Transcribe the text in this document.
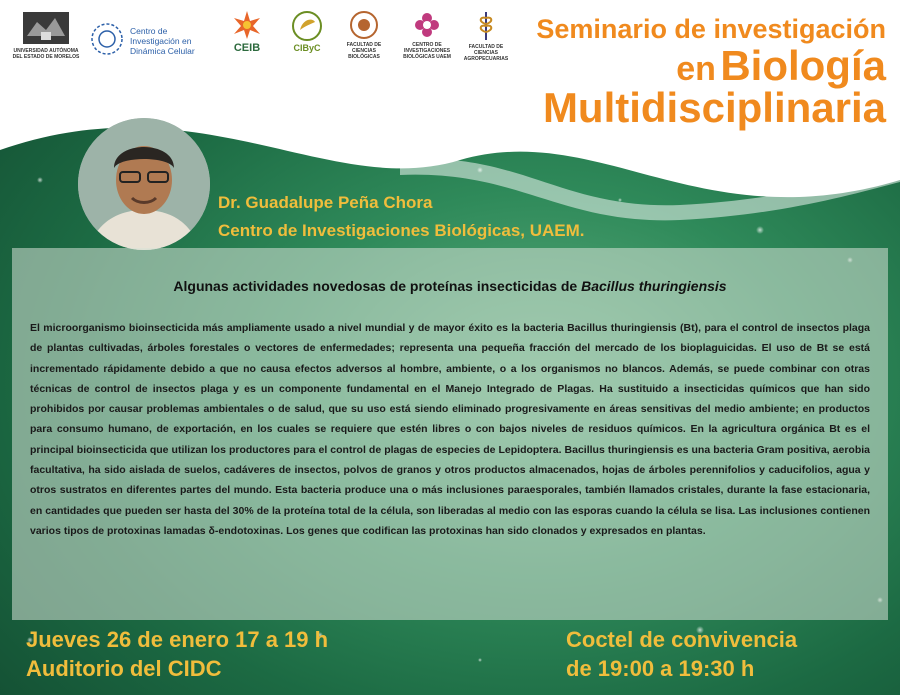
UNIVERSIDAD AUTÓNOMA DEL ESTADO DE MORELOS
Centro de Investigación en Dinámica Celular	CEIB	CIByC	FACULTAD DE CIENCIAS BIOLÓGICAS
CENTRO DE INVESTIGACIONES BIOLÓGICAS UAEM
FACULTAD DE CIENCIAS AGROPECUARIAS
Seminario de investigación
en Biología
Multidisciplinaria
Dr. Guadalupe Peña Chora
Centro de Investigaciones Biológicas, UAEM.
Algunas actividades novedosas de proteínas insecticidas de Bacillus thuringiensis
El microorganismo bioinsecticida más ampliamente usado a nivel mundial y de mayor éxito es la bacteria Bacillus thuringiensis (Bt), para el control de insectos plaga de plantas cultivadas, árboles forestales o vectores de enfermedades; representa una pequeña fracción del mercado de los bioplaguicidas. El uso de Bt se está incrementado rápidamente debido a que no causa efectos adversos al hombre, ambiente, o a los organismos no blancos. Además, se puede combinar con otras técnicas de control de insectos plaga y es un componente fundamental en el Manejo Integrado de Plagas. Ha sustituido a insecticidas químicos que han sido prohibidos por causar problemas ambientales o de salud, que su uso está siendo eliminado progresivamente en áreas sensitivas del medio ambiente; en productos para consumo humano, de exportación, en los cuales se requiere que estén libres o con bajos niveles de residuos químicos. En la agricultura orgánica Bt es el principal bioinsecticida que utilizan los productores para el control de plagas de especies de Lepidoptera. Bacillus thuringiensis es una bacteria Gram positiva, aerobia facultativa, ha sido aislada de suelos, cadáveres de insectos, polvos de granos y otros productos almacenados, hojas de árboles perennifolios y caducifolios, agua y otros sustratos en diferentes partes del mundo. Esta bacteria produce una o más inclusiones paraesporales, también llamados cristales, durante la fase estacionaria, en cantidades que pueden ser hasta del 30% de la proteína total de la célula, son liberadas al medio con las esporas cuando la célula se lisa. Las inclusiones contienen varios tipos de protoxinas lamadas δ-endotoxinas. Los genes que codifican las protoxinas han sido clonados y expresados en plantas.
Jueves 26 de enero 17 a 19 h
Auditorio del CIDC
Coctel de convivencia
de 19:00 a 19:30 h
